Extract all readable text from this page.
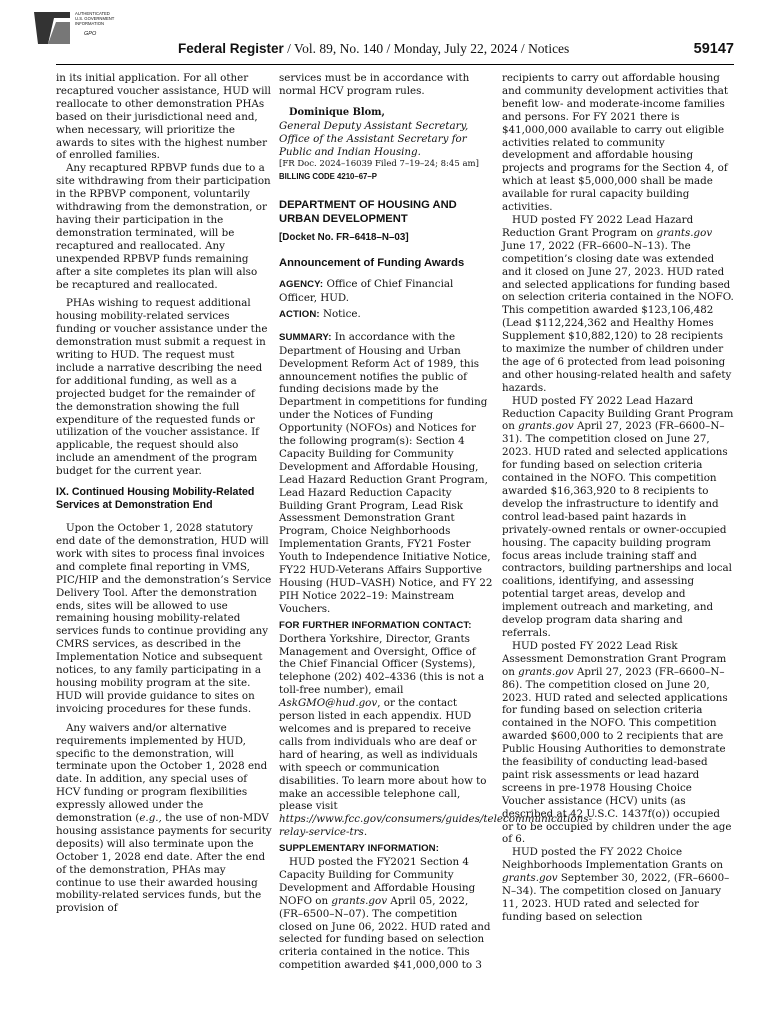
AUTHENTICATED
U.S. GOVERNMENT
INFORMATION
GPO
Federal Register / Vol. 89, No. 140 / Monday, July 22, 2024 / Notices	59147

in its initial application. For all other recaptured voucher assistance, HUD will reallocate to other demonstration PHAs based on their jurisdictional need and, when necessary, will prioritize the awards to sites with the highest number of enrolled families.

Any recaptured RPBVP funds due to a site withdrawing from their participation in the RPBVP component, voluntarily withdrawing from the demonstration, or having their participation in the demonstration terminated, will be recaptured and reallocated. Any unexpended RPBVP funds remaining after a site completes its plan will also be recaptured and reallocated.

PHAs wishing to request additional housing mobility-related services funding or voucher assistance under the demonstration must submit a request in writing to HUD. The request must include a narrative describing the need for additional funding, as well as a projected budget for the remainder of the demonstration showing the full expenditure of the requested funds or utilization of the voucher assistance. If applicable, the request should also include an amendment of the program budget for the current year.

IX. Continued Housing Mobility-Related Services at Demonstration End

Upon the October 1, 2028 statutory end date of the demonstration, HUD will work with sites to process final invoices and complete final reporting in VMS, PIC/HIP and the demonstration’s Service Delivery Tool. After the demonstration ends, sites will be allowed to use remaining housing mobility-related services funds to continue providing any CMRS services, as described in the Implementation Notice and subsequent notices, to any family participating in a housing mobility program at the site. HUD will provide guidance to sites on invoicing procedures for these funds.

Any waivers and/or alternative requirements implemented by HUD, specific to the demonstration, will terminate upon the October 1, 2028 end date. In addition, any special uses of HCV funding or program flexibilities expressly allowed under the demonstration (e.g., the use of non-MDV housing assistance payments for security deposits) will also terminate upon the October 1, 2028 end date. After the end of the demonstration, PHAs may continue to use their awarded housing mobility-related services funds, but the provision of

services must be in accordance with normal HCV program rules.

Dominique Blom,

General Deputy Assistant Secretary, Office of the Assistant Secretary for Public and Indian Housing.

[FR Doc. 2024–16039 Filed 7–19–24; 8:45 am]

BILLING CODE 4210–67–P

DEPARTMENT OF HOUSING AND URBAN DEVELOPMENT
[Docket No. FR–6418–N–03]
Announcement of Funding Awards

AGENCY: Office of Chief Financial Officer, HUD.

ACTION: Notice.

SUMMARY: In accordance with the Department of Housing and Urban Development Reform Act of 1989, this announcement notifies the public of funding decisions made by the Department in competitions for funding under the Notices of Funding Opportunity (NOFOs) and Notices for the following program(s): Section 4 Capacity Building for Community Development and Affordable Housing, Lead Hazard Reduction Grant Program, Lead Hazard Reduction Capacity Building Grant Program, Lead Risk Assessment Demonstration Grant Program, Choice Neighborhoods Implementation Grants, FY21 Foster Youth to Independence Initiative Notice, FY22 HUD-Veterans Affairs Supportive Housing (HUD–VASH) Notice, and FY 22 PIH Notice 2022–19: Mainstream Vouchers.

FOR FURTHER INFORMATION CONTACT: Dorthera Yorkshire, Director, Grants Management and Oversight, Office of the Chief Financial Officer (Systems), telephone (202) 402–4336 (this is not a toll-free number), email AskGMO@hud.gov, or the contact person listed in each appendix. HUD welcomes and is prepared to receive calls from individuals who are deaf or hard of hearing, as well as individuals with speech or communication disabilities. To learn more about how to make an accessible telephone call, please visit https://www.fcc.gov/consumers/guides/telecommunications-relay-service-trs.

SUPPLEMENTARY INFORMATION:

HUD posted the FY2021 Section 4 Capacity Building for Community Development and Affordable Housing NOFO on grants.gov April 05, 2022, (FR–6500–N–07). The competition closed on June 06, 2022. HUD rated and selected for funding based on selection criteria contained in the notice. This competition awarded $41,000,000 to 3

recipients to carry out affordable housing and community development activities that benefit low- and moderate-income families and persons. For FY 2021 there is $41,000,000 available to carry out eligible activities related to community development and affordable housing projects and programs for the Section 4, of which at least $5,000,000 shall be made available for rural capacity building activities.

HUD posted FY 2022 Lead Hazard Reduction Grant Program on grants.gov June 17, 2022 (FR–6600–N–13). The competition’s closing date was extended and it closed on June 27, 2023. HUD rated and selected applications for funding based on selection criteria contained in the NOFO. This competition awarded $123,106,482 (Lead $112,224,362 and Healthy Homes Supplement $10,882,120) to 28 recipients to maximize the number of children under the age of 6 protected from lead poisoning and other housing-related health and safety hazards.

HUD posted FY 2022 Lead Hazard Reduction Capacity Building Grant Program on grants.gov April 27, 2023 (FR–6600–N–31). The competition closed on June 27, 2023. HUD rated and selected applications for funding based on selection criteria contained in the NOFO. This competition awarded $16,363,920 to 8 recipients to develop the infrastructure to identify and control lead-based paint hazards in privately-owned rentals or owner-occupied housing. The capacity building program focus areas include training staff and contractors, building partnerships and local coalitions, identifying, and assessing potential target areas, develop and implement outreach and marketing, and develop program data sharing and referrals.

HUD posted FY 2022 Lead Risk Assessment Demonstration Grant Program on grants.gov April 27, 2023 (FR–6600–N–86). The competition closed on June 20, 2023. HUD rated and selected applications for funding based on selection criteria contained in the NOFO. This competition awarded $600,000 to 2 recipients that are Public Housing Authorities to demonstrate the feasibility of conducting lead-based paint risk assessments or lead hazard screens in pre-1978 Housing Choice Voucher assistance (HCV) units (as described at 42 U.S.C. 1437f(o)) occupied or to be occupied by children under the age of 6.

HUD posted the FY 2022 Choice Neighborhoods Implementation Grants on grants.gov September 30, 2022, (FR–6600–N–34). The competition closed on January 11, 2023. HUD rated and selected for funding based on selection
